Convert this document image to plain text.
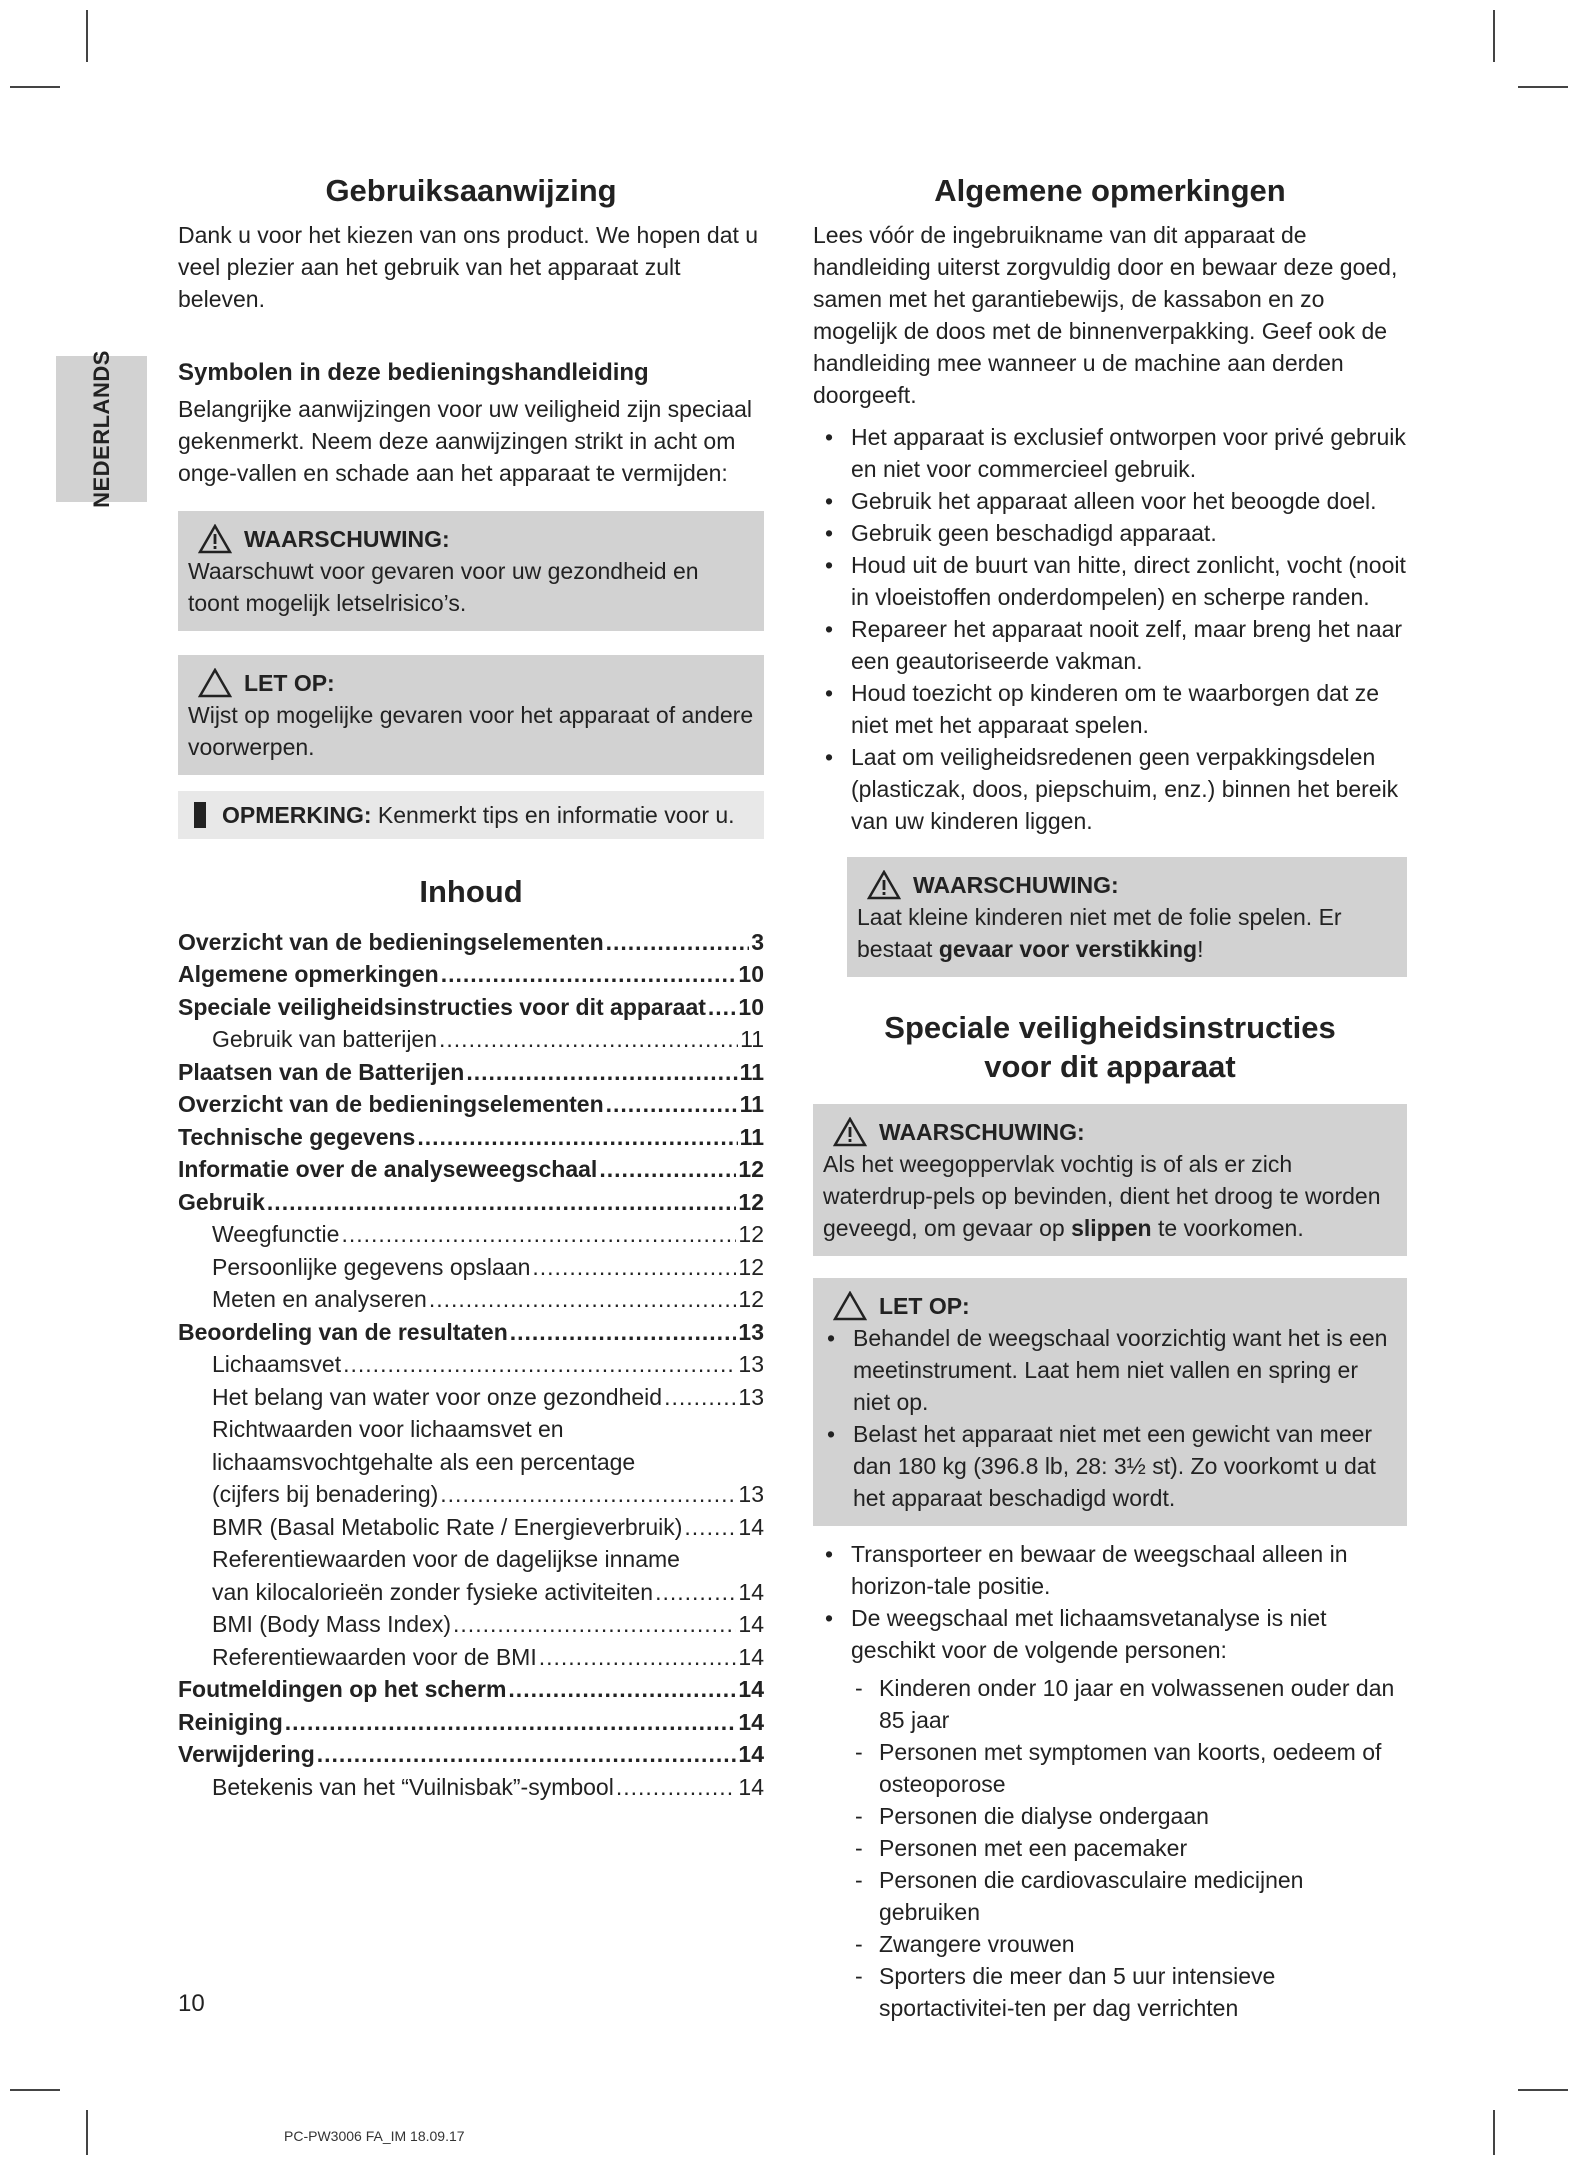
NEDERLANDS
Gebruiksaanwijzing

Dank u voor het kiezen van ons product. We hopen dat u veel plezier aan het gebruik van het apparaat zult beleven.

Symbolen in deze bedieningshandleiding

Belangrijke aanwijzingen voor uw veiligheid zijn speciaal gekenmerkt. Neem deze aanwijzingen strikt in acht om onge-vallen en schade aan het apparaat te vermijden:

WAARSCHUWING:
Waarschuwt voor gevaren voor uw gezondheid en toont mogelijk letselrisico’s.
LET OP:
Wijst op mogelijke gevaren voor het apparaat of andere voorwerpen.
OPMERKING: Kenmerkt tips en informatie voor u.
Inhoud
Overzicht van de bedieningselementen .....	3
Algemene opmerkingen .....	10
Speciale veiligheidsinstructies voor dit apparaat ..... 10
Gebruik van batterijen .....	11
Plaatsen van de Batterijen .....	11
Overzicht van de bedieningselementen .....	11
Technische gegevens .....	11
Informatie over de analyseweegschaal .....	12
Gebruik .....	12
Weegfunctie .....	12
Persoonlijke gegevens opslaan .....	12
Meten en analyseren .....	12
Beoordeling van de resultaten .....	13
Lichaamsvet .....	13
Het belang van water voor onze gezondheid .....	13
Richtwaarden voor lichaamsvet en
lichaamsvochtgehalte als een percentage
(cijfers bij benadering) .....	13
BMR (Basal Metabolic Rate / Energieverbruik) ..... 14
Referentiewaarden voor de dagelijkse inname
van kilocalorieën zonder fysieke activiteiten .....	14
BMI (Body Mass Index) .....	14
Referentiewaarden voor de BMI .....	14
Foutmeldingen op het scherm .....	14
Reiniging .....	14
Verwijdering .....	14
Betekenis van het “Vuilnisbak”-symbool .....	14
Algemene opmerkingen

Lees vóór de ingebruikname van dit apparaat de handleiding uiterst zorgvuldig door en bewaar deze goed, samen met het garantiebewijs, de kassabon en zo mogelijk de doos met de binnenverpakking. Geef ook de handleiding mee wanneer u de machine aan derden doorgeeft.

• Het apparaat is exclusief ontworpen voor privé gebruik en niet voor commercieel gebruik.
• Gebruik het apparaat alleen voor het beoogde doel.
• Gebruik geen beschadigd apparaat.
• Houd uit de buurt van hitte, direct zonlicht, vocht (nooit in vloeistoffen onderdompelen) en scherpe randen.
• Repareer het apparaat nooit zelf, maar breng het naar een geautoriseerde vakman.
• Houd toezicht op kinderen om te waarborgen dat ze niet met het apparaat spelen.
• Laat om veiligheidsredenen geen verpakkingsdelen (plasticzak, doos, piepschuim, enz.) binnen het bereik van uw kinderen liggen.
WAARSCHUWING:
Laat kleine kinderen niet met de folie spelen. Er bestaat gevaar voor verstikking!
Speciale veiligheidsinstructies
voor dit apparaat
WAARSCHUWING:
Als het weegoppervlak vochtig is of als er zich waterdrup-pels op bevinden, dient het droog te worden geveegd, om gevaar op slippen te voorkomen.
LET OP:
• Behandel de weegschaal voorzichtig want het is een meetinstrument. Laat hem niet vallen en spring er niet op.
• Belast het apparaat niet met een gewicht van meer dan 180 kg (396.8 lb, 28: 3½ st). Zo voorkomt u dat het apparaat beschadigd wordt.
• Transporteer en bewaar de weegschaal alleen in horizon-tale positie.
• De weegschaal met lichaamsvetanalyse is niet geschikt voor de volgende personen:
- Kinderen onder 10 jaar en volwassenen ouder dan 85 jaar
- Personen met symptomen van koorts, oedeem of osteoporose
- Personen die dialyse ondergaan
- Personen met een pacemaker
- Personen die cardiovasculaire medicijnen gebruiken
- Zwangere vrouwen
- Sporters die meer dan 5 uur intensieve sportactivitei-ten per dag verrichten
10
PC-PW3006 FA_IM 18.09.17
